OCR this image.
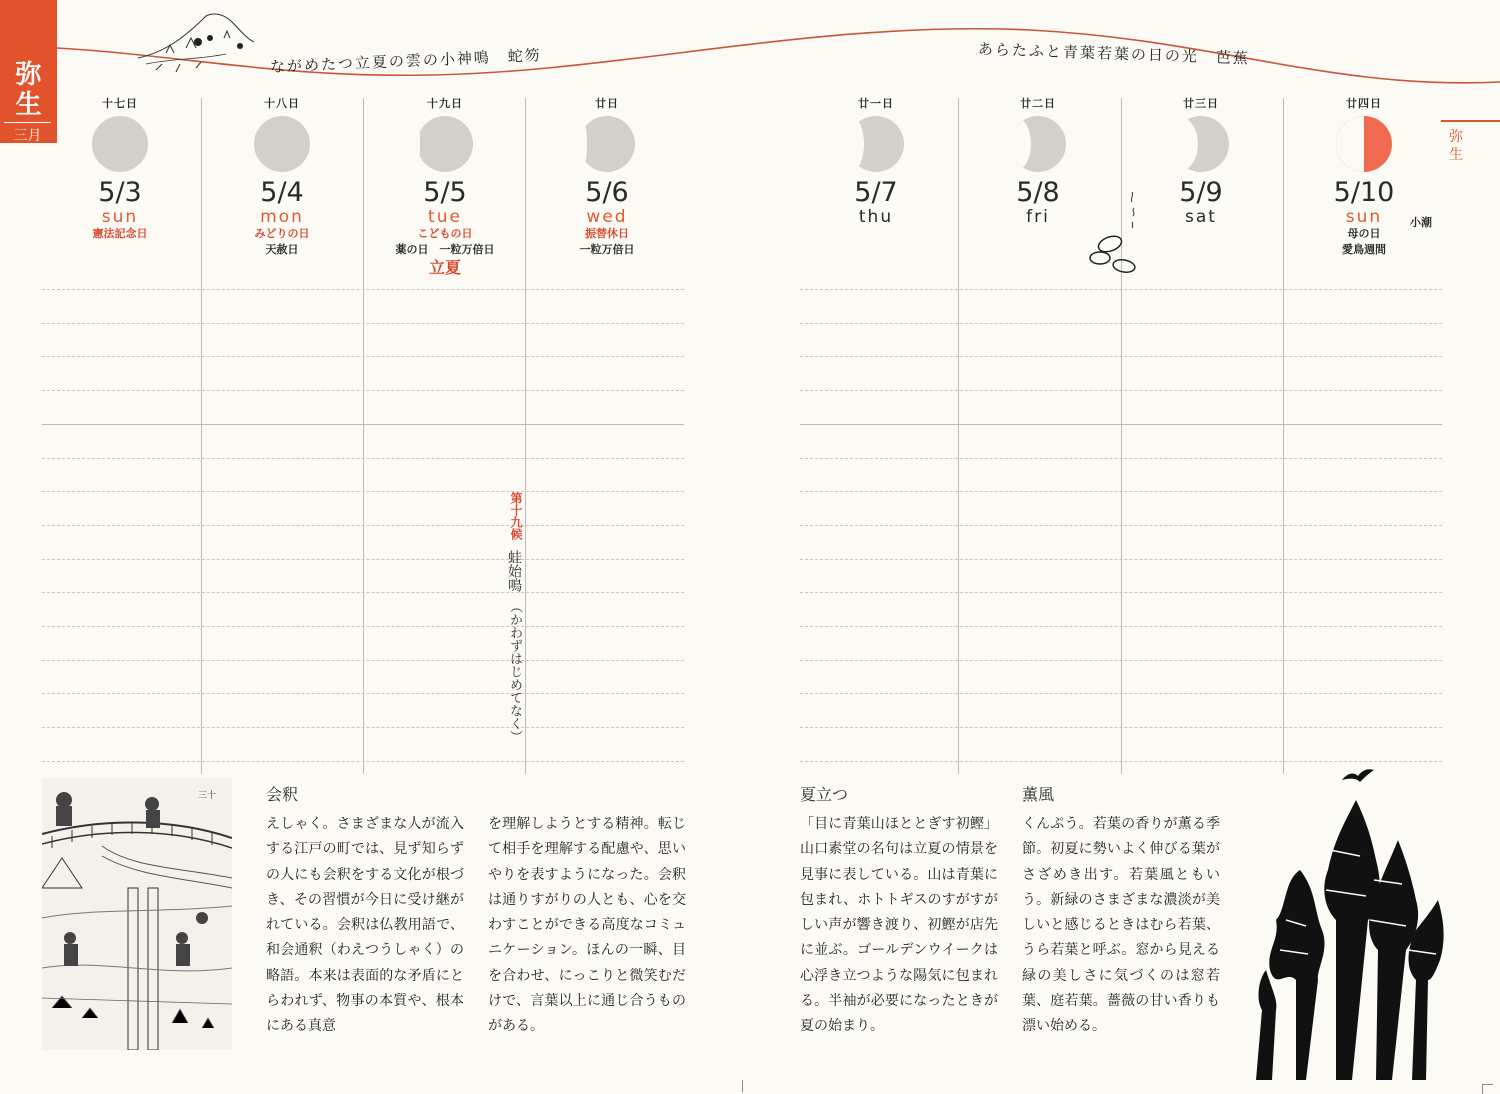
弥
生
三月	弥
生
ながめたつ立夏の雲の小神鳴　蛇笏	あらたふと青葉若葉の日の光　芭蕉
十七日
5/3
sun
憲法記念日
十八日
5/4
mon
みどりの日
天赦日
十九日
5/5
tue
こどもの日
薬の日　一粒万倍日
立夏
廿日
5/6
wed
振替休日
一粒万倍日
廿一日
5/7
thu
廿二日
5/8
fri
廿三日
5/9
sat
廿四日
5/10
sun
母の日
愛鳥週間
小潮
第十九候
蛙始鳴
（かわずはじめてなく）
三十	会釈
えしゃく。さまざまな人が流入する江戸の町では、見ず知らずの人にも会釈をする文化が根づき、その習慣が今日に受け継がれている。会釈は仏教用語で、和会通釈（わえつうしゃく）の略語。本来は表面的な矛盾にとらわれず、物事の本質や、根本にある真意
を理解しようとする精神。転じて相手を理解する配慮や、思いやりを表すようになった。会釈は通りすがりの人とも、心を交わすことができる高度なコミュニケーション。ほんの一瞬、目を合わせ、にっこりと微笑むだけで、言葉以上に通じ合うものがある。
夏立つ
「目に青葉山ほととぎす初鰹」山口素堂の名句は立夏の情景を見事に表している。山は青葉に包まれ、ホトトギスのすがすがしい声が響き渡り、初鰹が店先に並ぶ。ゴールデンウイークは心浮き立つような陽気に包まれる。半袖が必要になったときが夏の始まり。
薫風
くんぷう。若葉の香りが薫る季節。初夏に勢いよく伸びる葉がさざめき出す。若葉風ともいう。新緑のさまざまな濃淡が美しいと感じるときはむら若葉、うら若葉と呼ぶ。窓から見える緑の美しさに気づくのは窓若葉、庭若葉。薔薇の甘い香りも漂い始める。
